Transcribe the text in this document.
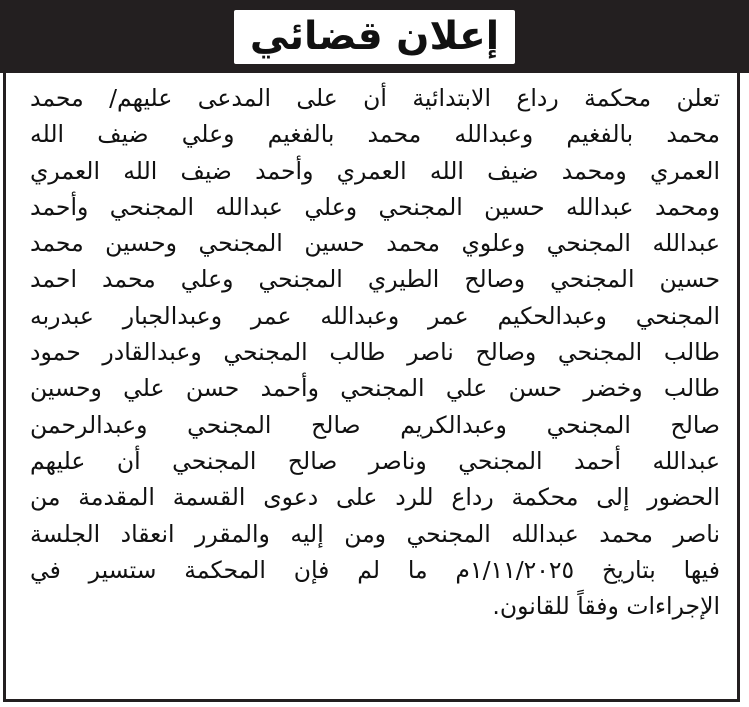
إعلان قضائي
تعلن محكمة رداع الابتدائية أن على المدعى عليهم/ محمد
محمد بالفغيم وعبدالله محمد بالفغيم وعلي ضيف الله
العمري ومحمد ضيف الله العمري وأحمد ضيف الله العمري
ومحمد عبدالله حسين المجنحي وعلي عبدالله المجنحي وأحمد
عبدالله المجنحي وعلوي محمد حسين المجنحي وحسين محمد
حسين المجنحي وصالح الطيري المجنحي وعلي محمد احمد
المجنحي وعبدالحكيم عمر وعبدالله عمر وعبدالجبار عبدربه
طالب المجنحي وصالح ناصر طالب المجنحي وعبدالقادر حمود
طالب وخضر حسن علي المجنحي وأحمد حسن علي وحسين
صالح المجنحي وعبدالكريم صالح المجنحي وعبدالرحمن
عبدالله أحمد المجنحي وناصر صالح المجنحي أن عليهم
الحضور إلى محكمة رداع للرد على دعوى القسمة المقدمة من
ناصر محمد عبدالله المجنحي ومن إليه والمقرر انعقاد الجلسة
فيها بتاريخ ١/١١/٢٠٢٥م ما لم فإن المحكمة ستسير في
الإجراءات وفقاً للقانون.
